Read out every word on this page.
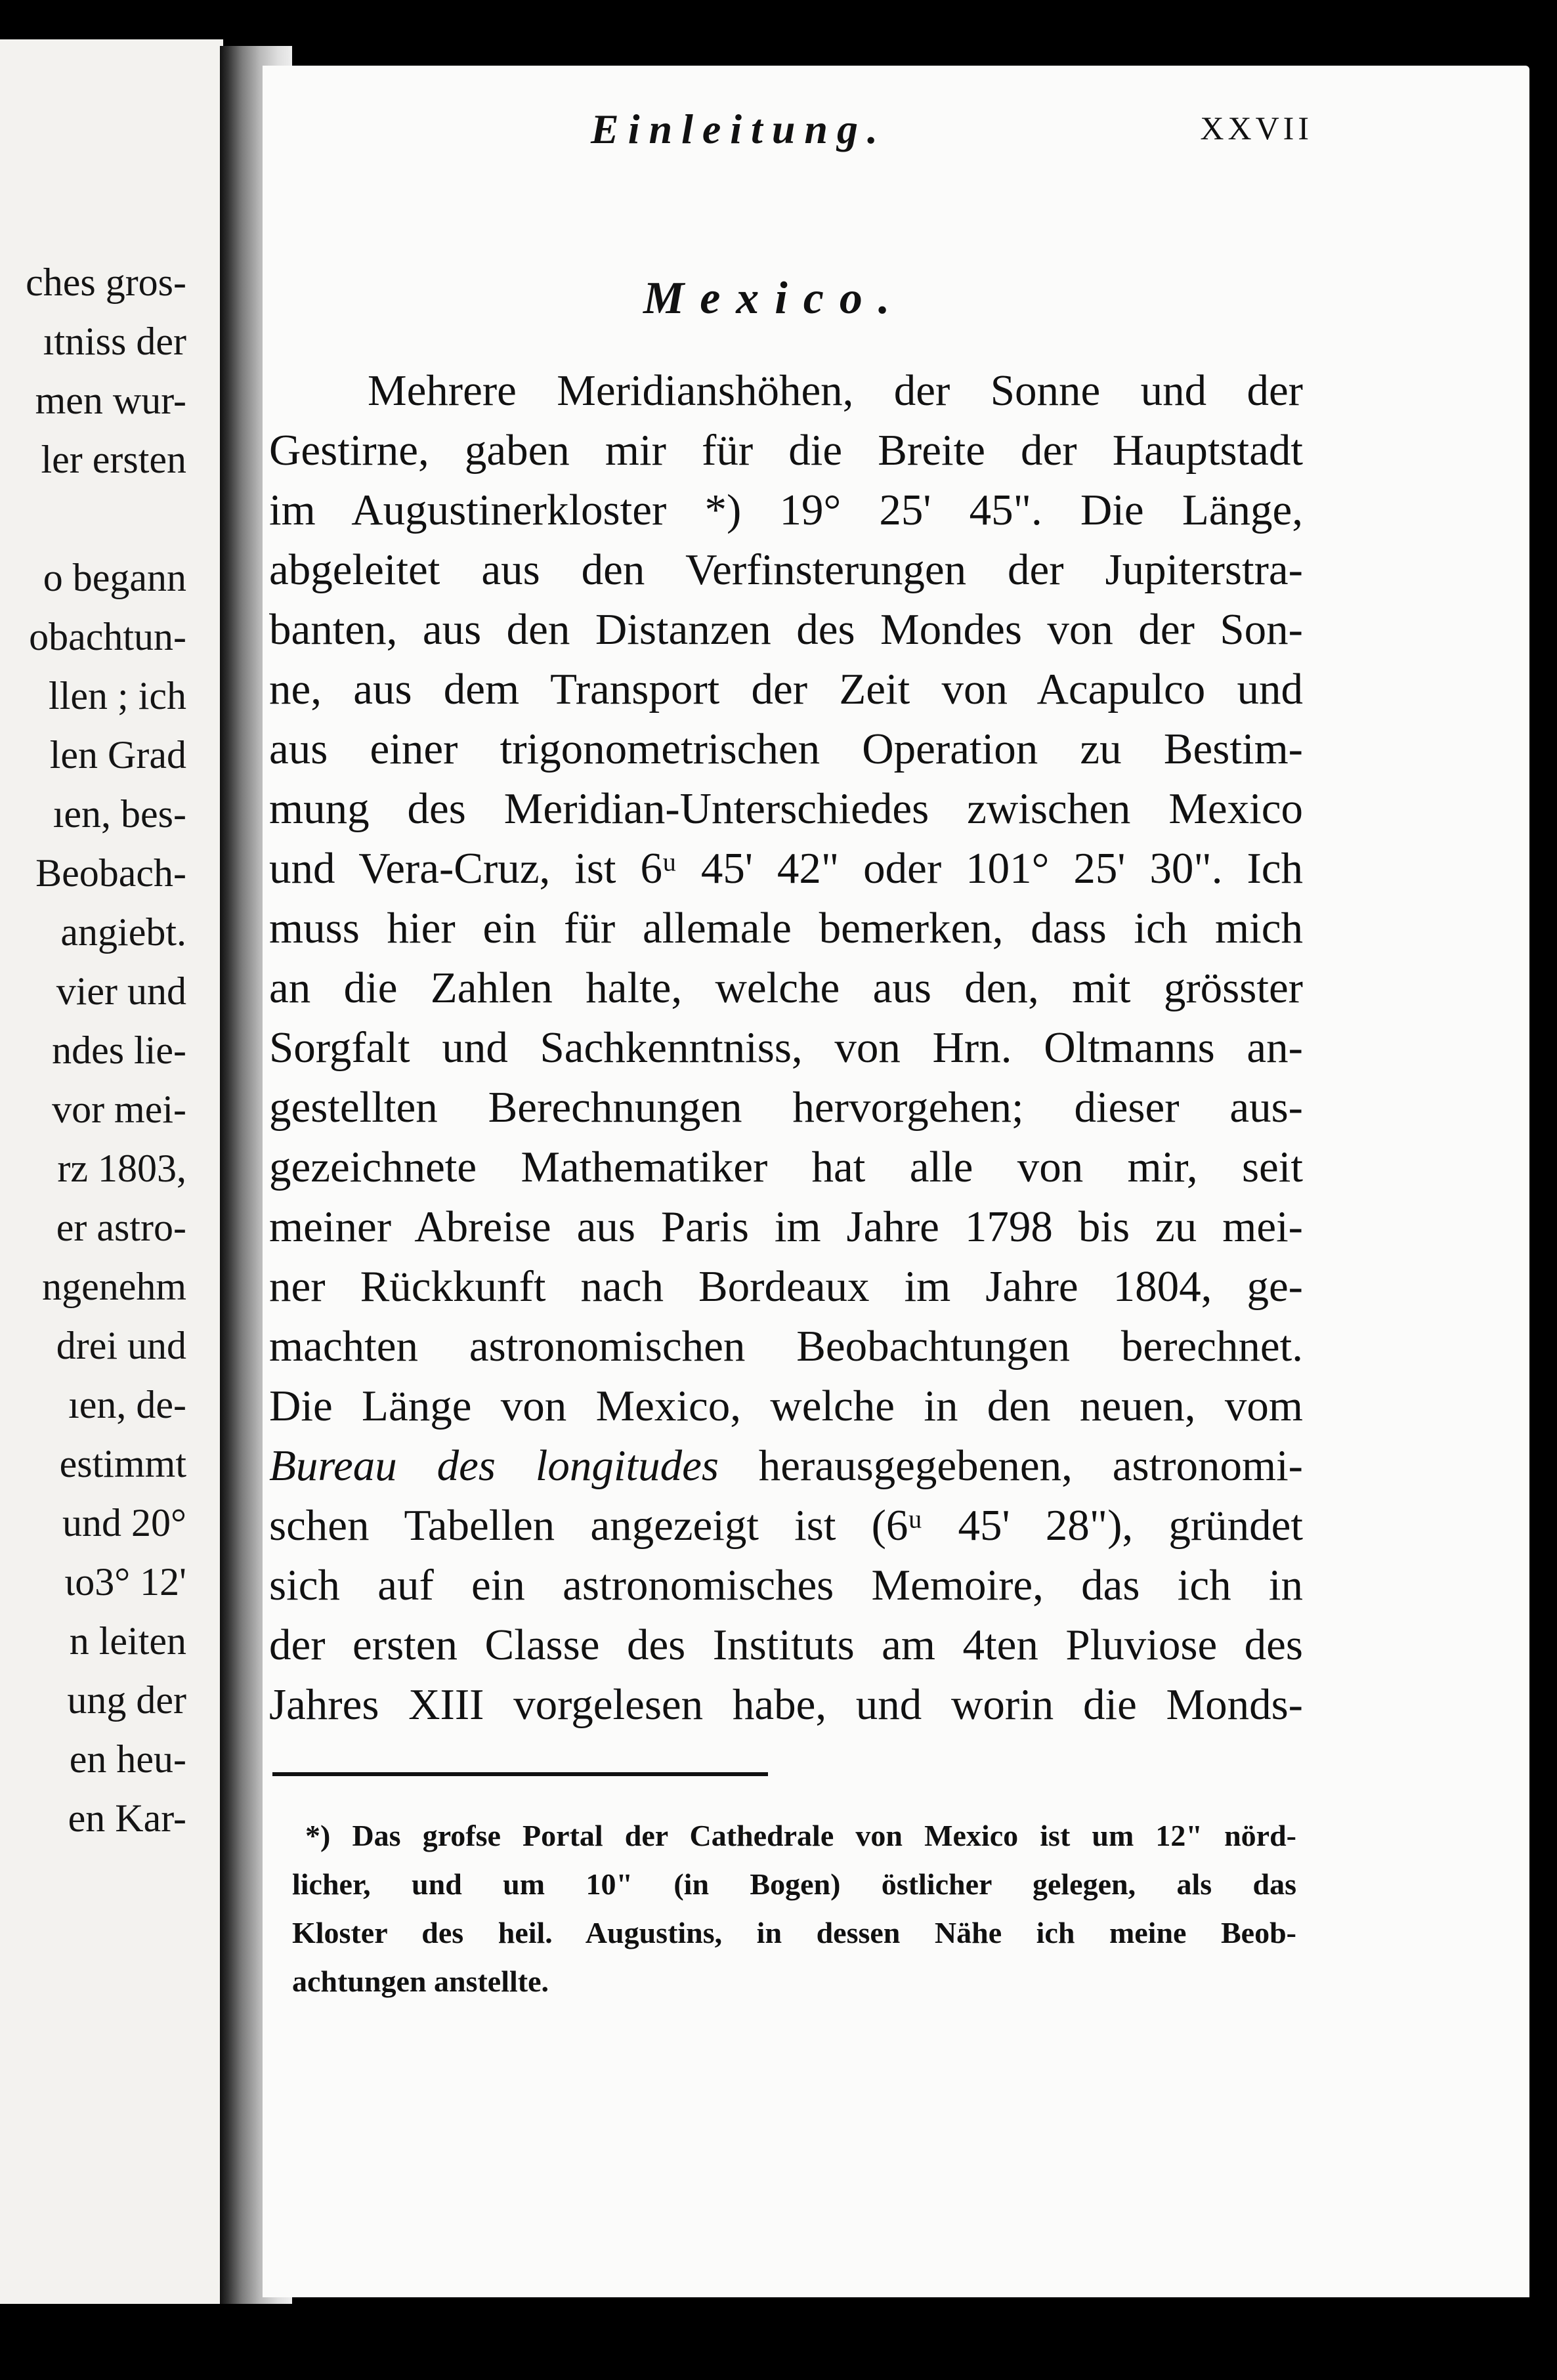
ches gros-
ıtniss der
men wur-
ler ersten
o begann
obachtun-
llen ; ich
len Grad
ıen, bes-
Beobach-
angiebt.
vier und
ndes lie-
vor mei-
rz 1803,
er astro-
ngenehm
drei und
ıen, de-
estimmt
und 20°
ɩo3° 12'
n leiten
ung der
en heu-
en Kar-
Einleitung.	XXVII
Mexico.
Mehrere Meridianshöhen, der Sonne und der
Gestirne, gaben mir für die Breite der Hauptstadt
im Augustinerkloster *) 19° 25' 45". Die Länge,
abgeleitet aus den Verfinsterungen der Jupiterstra-
banten, aus den Distanzen des Mondes von der Son-
ne, aus dem Transport der Zeit von Acapulco und
aus einer trigonometrischen Operation zu Bestim-
mung des Meridian-Unterschiedes zwischen Mexico
und Vera-Cruz, ist 6ᵘ 45' 42" oder 101° 25' 30". Ich
muss hier ein für allemale bemerken, dass ich mich
an die Zahlen halte, welche aus den, mit grösster
Sorgfalt und Sachkenntniss, von Hrn. Oltmanns an-
gestellten Berechnungen hervorgehen; dieser aus-
gezeichnete Mathematiker hat alle von mir, seit
meiner Abreise aus Paris im Jahre 1798 bis zu mei-
ner Rückkunft nach Bordeaux im Jahre 1804, ge-
machten astronomischen Beobachtungen berechnet.
Die Länge von Mexico, welche in den neuen, vom
Bureau des longitudes herausgegebenen, astronomi-
schen Tabellen angezeigt ist (6ᵘ 45' 28"), gründet
sich auf ein astronomisches Memoire, das ich in
der ersten Classe des Instituts am 4ten Pluviose des
Jahres XIII vorgelesen habe, und worin die Monds-
*) Das grofse Portal der Cathedrale von Mexico ist um 12" nörd-
licher, und um 10" (in Bogen) östlicher gelegen, als das
Kloster des heil. Augustins, in dessen Nähe ich meine Beob-
achtungen anstellte.
